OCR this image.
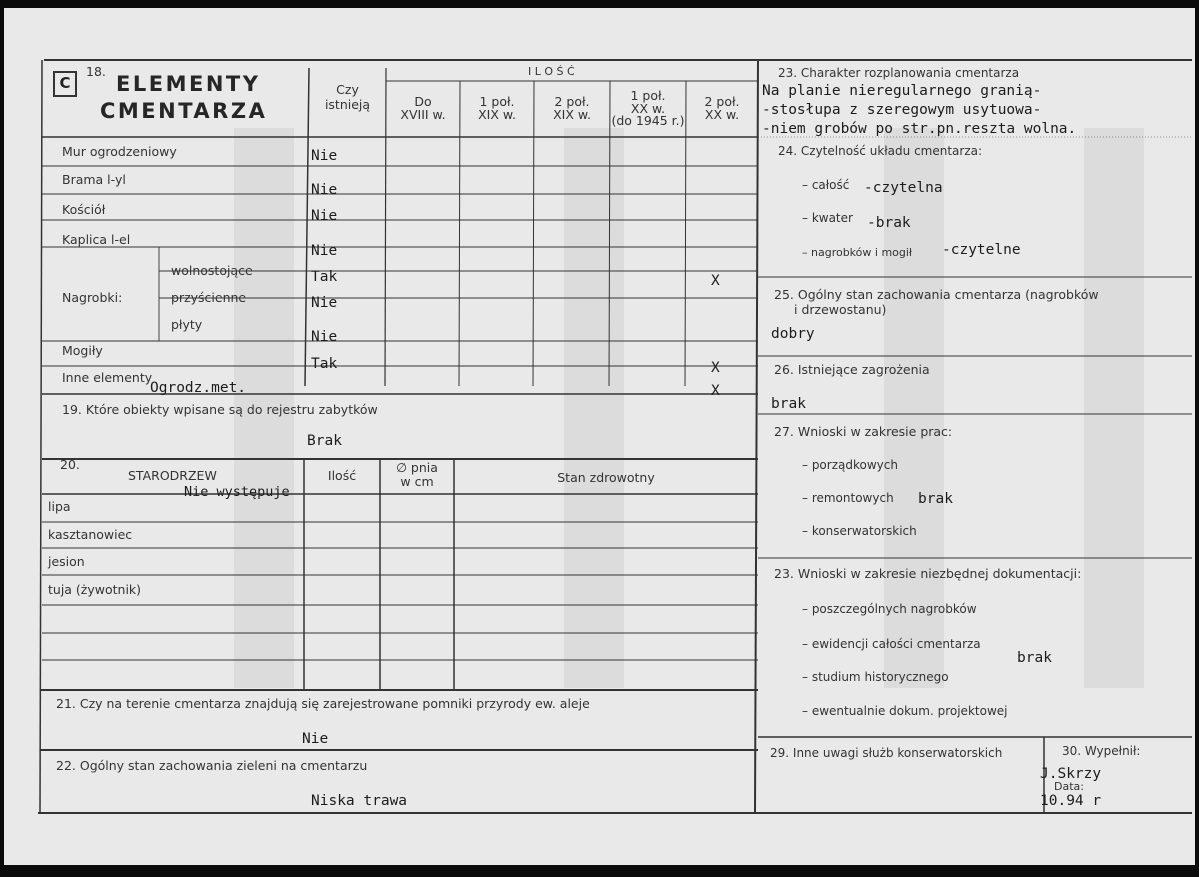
C
18.
ELEMENTY
CMENTARZA
Czy
istnieją
I L O Ś Ć
Do
XVIII w.
1 poł.
XIX w.
2 poł.
XIX w.
1 poł.
XX w.
(do 1945 r.)
2 poł.
XX w.
Mur ogrodzeniowy
Brama l-yl
Kościół
Kaplica l-el
Nagrobki:
wolnostojące
przyścienne
płyty
Mogiły
Inne elementy
Ogrodz.met.
Nie
Nie
Nie
Nie
Tak
Nie
Nie
Tak
X
X
X
19. Które obiekty wpisane są do rejestru zabytków
Brak
20.
STARODRZEW
Nie występuje
Ilość
∅ pnia
w cm	Stan zdrowotny
lipa
kasztanowiec
jesion
tuja (żywotnik)
21. Czy na terenie cmentarza znajdują się zarejestrowane pomniki przyrody ew. aleje
Nie
22. Ogólny stan zachowania zieleni na cmentarzu
Niska trawa
23. Charakter rozplanowania cmentarza
Na planie nieregularnego granią-
-stosłupa z szeregowym usytuowa-
-niem grobów po str.pn.reszta wolna.
24. Czytelność układu cmentarza:
– całość -czytelna
– kwater -brak
– nagrobków i mogił -czytelne
25. Ogólny stan zachowania cmentarza (nagrobków
i drzewostanu)
dobry
26. Istniejące zagrożenia
brak
27. Wnioski w zakresie prac:
– porządkowych
– remontowych brak
– konserwatorskich
23. Wnioski w zakresie niezbędnej dokumentacji:
– poszczególnych nagrobków
– ewidencji całości cmentarza
brak
– studium historycznego
– ewentualnie dokum. projektowej
29. Inne uwagi służb konserwatorskich	30. Wypełnił:
J.Skrzy
Data:
10.94 r
